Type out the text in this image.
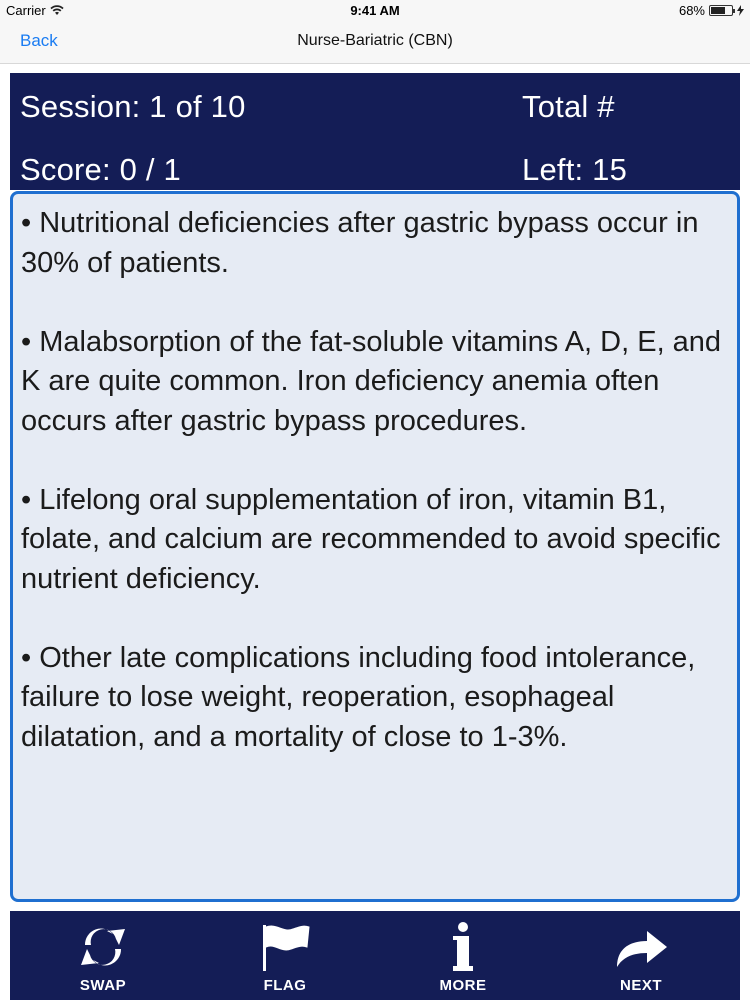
Carrier	9:41 AM	68%
Back	Nurse-Bariatric (CBN)
Session: 1 of 10
Score: 0 / 1
Total #
Left: 15

• Nutritional deficiencies after gastric bypass occur in 30% of patients.

• Malabsorption of the fat-soluble vitamins A, D, E, and K are quite common. Iron deficiency anemia often occurs after gastric bypass procedures.

• Lifelong oral supplementation of iron, vitamin B1, folate, and calcium are recommended to avoid specific nutrient deficiency.

• Other late complications including food intolerance, failure to lose weight, reoperation, esophageal dilatation, and a mortality of close to 1-3%.

SWAP	FLAG	MORE	NEXT
